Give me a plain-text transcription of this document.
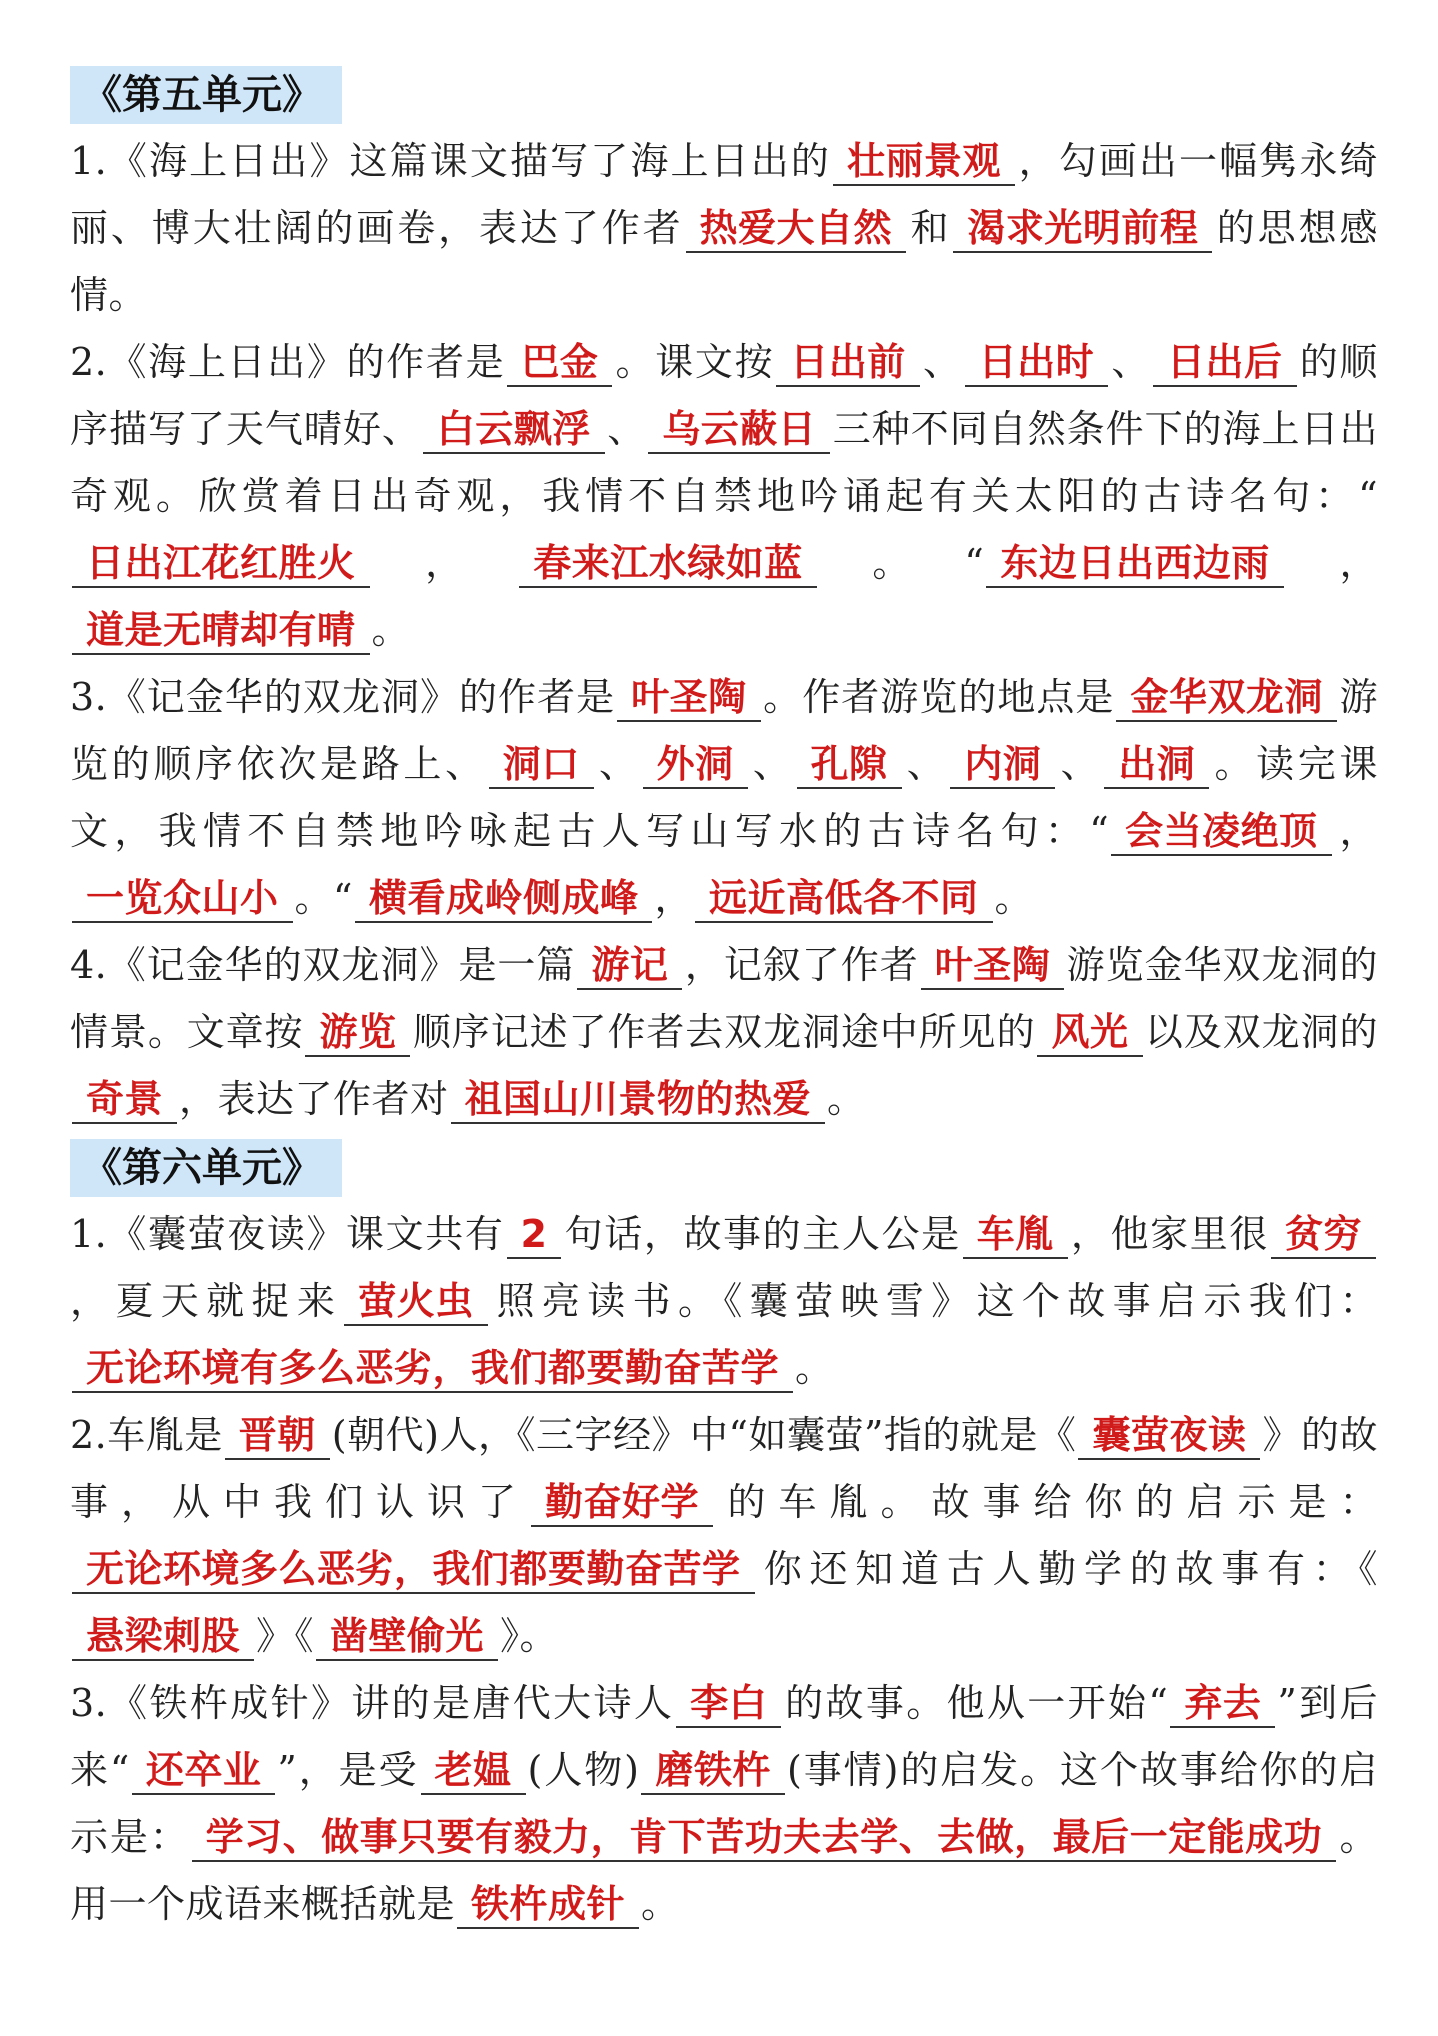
《第五单元》

1.《海上日出》这篇课文描写了海上日出的 壮丽景观 ，勾画出一幅隽永绮丽、博大壮阔的画卷，表达了作者 热爱大自然 和 渴求光明前程 的思想感情。

2.《海上日出》的作者是 巴金 。课文按 日出前 、 日出时 、 日出后 的顺序描写了天气晴好、 白云飘浮 、 乌云蔽日 三种不同自然条件下的海上日出奇观。欣赏着日出奇观，我情不自禁地吟诵起有关太阳的古诗名句：“日出江花红胜火 ， 春来江水绿如蓝 。“ 东边日出西边雨 ，道是无晴却有晴 。

3.《记金华的双龙洞》的作者是 叶圣陶 。作者游览的地点是 金华双龙洞 游览的顺序依次是路上、 洞口 、 外洞 、 孔隙 、 内洞 、 出洞 。读完课文，我情不自禁地吟咏起古人写山写水的古诗名句：“ 会当凌绝顶 ，一览众山小 。“ 横看成岭侧成峰 ， 远近高低各不同 。

4.《记金华的双龙洞》是一篇 游记 ，记叙了作者 叶圣陶 游览金华双龙洞的情景。文章按 游览 顺序记述了作者去双龙洞途中所见的 风光 以及双龙洞的奇景 ，表达了作者对 祖国山川景物的热爱 。

《第六单元》

1.《囊萤夜读》课文共有 2 句话，故事的主人公是 车胤 ，他家里很 贫穷，夏天就捉来 萤火虫 照亮读书。《囊萤映雪》这个故事启示我们：无论环境有多么恶劣，我们都要勤奋苦学 。

2.车胤是 晋朝 (朝代)人，《三字经》中“如囊萤”指的就是《 囊萤夜读 》的故事，从中我们认识了 勤奋好学 的车胤。故事给你的启示是：无论环境多么恶劣，我们都要勤奋苦学 你还知道古人勤学的故事有：《悬梁刺股 》《 凿壁偷光 》。

3.《铁杵成针》讲的是唐代大诗人 李白 的故事。他从一开始“ 弃去 ”到后来“ 还卒业 ”，是受 老媪 (人物) 磨铁杵 (事情)的启发。这个故事给你的启示是： 学习、做事只要有毅力，肯下苦功夫去学、去做，最后一定能成功 。用一个成语来概括就是 铁杵成针 。
